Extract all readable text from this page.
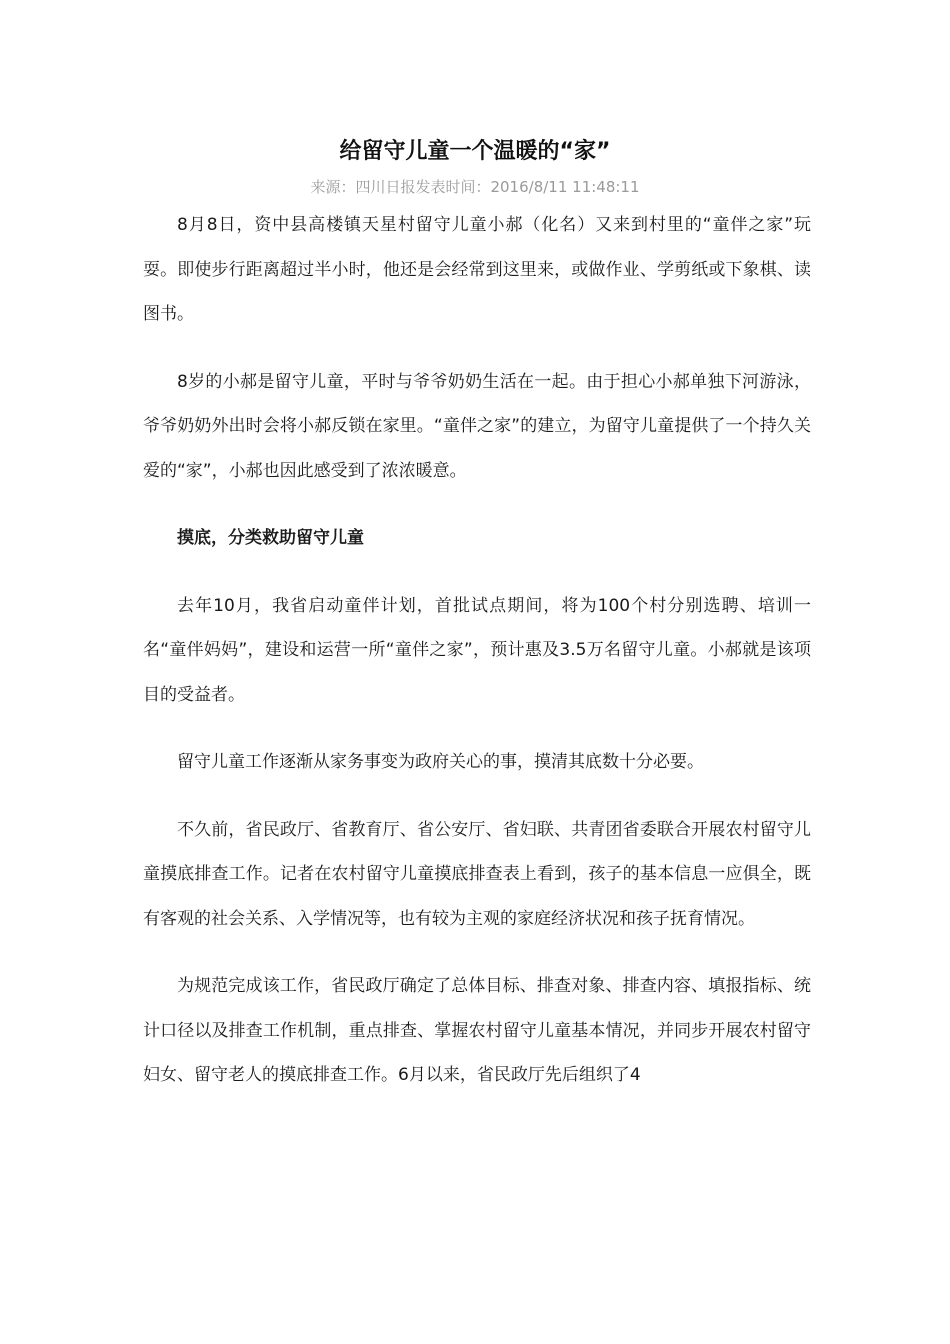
给留守儿童一个温暖的“家”
来源：四川日报发表时间：2016/8/11 11:48:11

8月8日，资中县高楼镇天星村留守儿童小郝（化名）又来到村里的“童伴之家”玩耍。即使步行距离超过半小时，他还是会经常到这里来，或做作业、学剪纸或下象棋、读图书。

8岁的小郝是留守儿童，平时与爷爷奶奶生活在一起。由于担心小郝单独下河游泳，爷爷奶奶外出时会将小郝反锁在家里。“童伴之家”的建立，为留守儿童提供了一个持久关爱的“家”，小郝也因此感受到了浓浓暖意。

摸底，分类救助留守儿童

去年10月，我省启动童伴计划，首批试点期间，将为100个村分别选聘、培训一名“童伴妈妈”，建设和运营一所“童伴之家”，预计惠及3.5万名留守儿童。小郝就是该项目的受益者。

留守儿童工作逐渐从家务事变为政府关心的事，摸清其底数十分必要。

不久前，省民政厅、省教育厅、省公安厅、省妇联、共青团省委联合开展农村留守儿童摸底排查工作。记者在农村留守儿童摸底排查表上看到，孩子的基本信息一应俱全，既有客观的社会关系、入学情况等，也有较为主观的家庭经济状况和孩子抚育情况。

为规范完成该工作，省民政厅确定了总体目标、排查对象、排查内容、填报指标、统计口径以及排查工作机制，重点排查、掌握农村留守儿童基本情况，并同步开展农村留守妇女、留守老人的摸底排查工作。6月以来，省民政厅先后组织了4
